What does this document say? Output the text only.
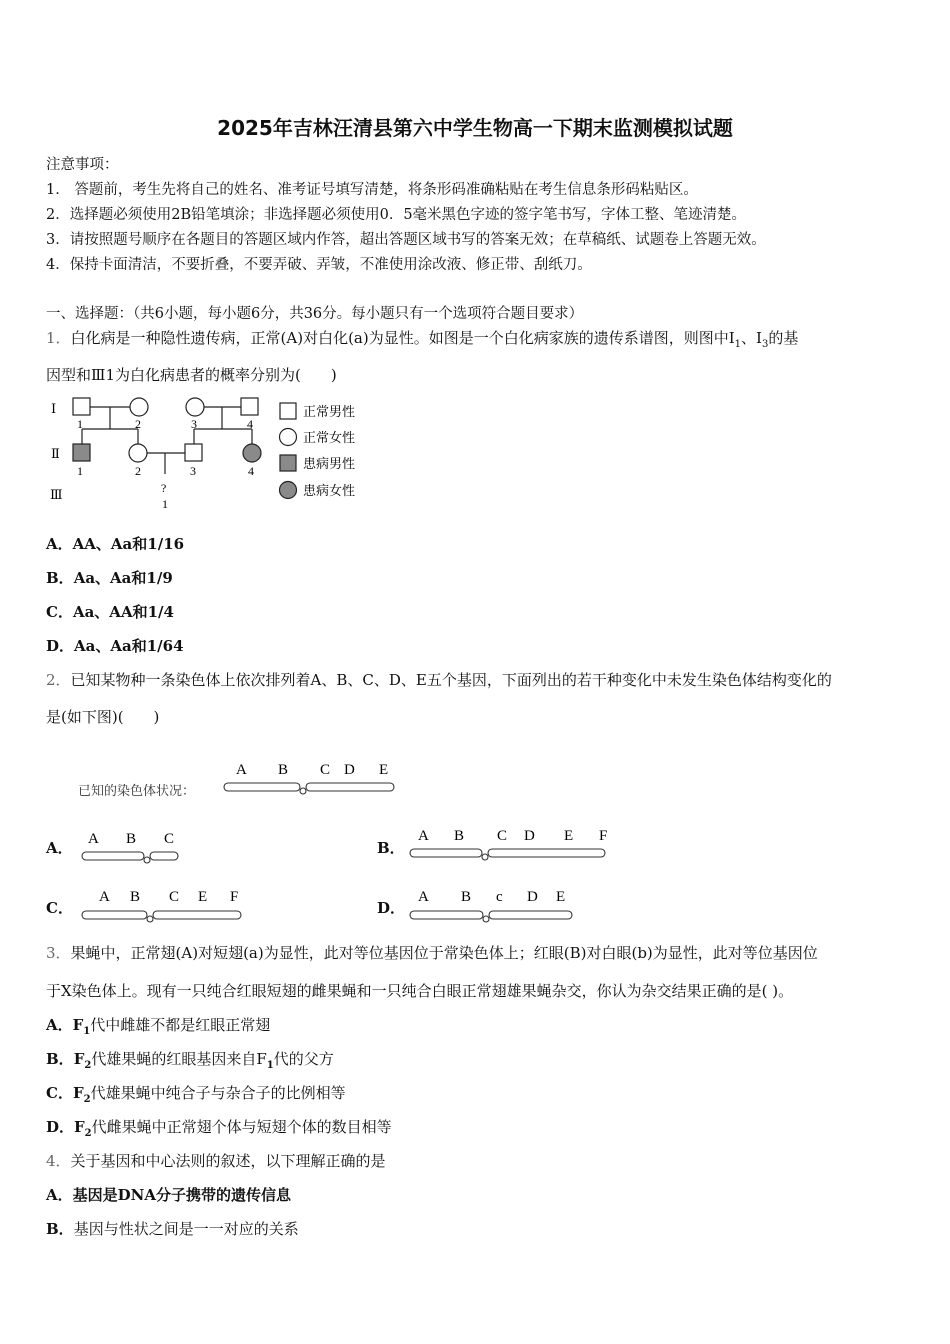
2025年吉林汪清县第六中学生物高一下期末监测模拟试题
注意事项：
1． 答题前，考生先将自己的姓名、准考证号填写清楚，将条形码准确粘贴在考生信息条形码粘贴区。
2．选择题必须使用2B铅笔填涂；非选择题必须使用0．5毫米黑色字迹的签字笔书写，字体工整、笔迹清楚。
3．请按照题号顺序在各题目的答题区域内作答，超出答题区域书写的答案无效；在草稿纸、试题卷上答题无效。
4．保持卡面清洁，不要折叠，不要弄破、弄皱，不准使用涂改液、修正带、刮纸刀。
一、选择题：（共6小题，每小题6分，共36分。每小题只有一个选项符合题目要求）
1．白化病是一种隐性遗传病，正常(A)对白化(a)为显性。如图是一个白化病家族的遗传系谱图，则图中$Ⅰ_1$、$Ⅰ_3$的基
因型和Ⅲ1为白化病患者的概率分别为(　　)
Ⅰ
Ⅱ
Ⅲ
1	2	3	4
1	2	3	4
?
1
正常男性
正常女性
患病男性
患病女性
A．AA、Aa和1/16
B．Aa、Aa和1/9
C．Aa、AA和1/4
D．Aa、Aa和1/64
2．已知某物种一条染色体上依次排列着A、B、C、D、E五个基因，下面列出的若干种变化中未发生染色体结构变化的
是(如下图)(　　)
已知的染色体状况：
A B C D E
A． A B C	B．
A B C D E F
C．
A B C E F
D．
A B c D E
3．果蝇中，正常翅(A)对短翅(a)为显性，此对等位基因位于常染色体上；红眼(B)对白眼(b)为显性，此对等位基因位
于X染色体上。现有一只纯合红眼短翅的雌果蝇和一只纯合白眼正常翅雄果蝇杂交，你认为杂交结果正确的是( )。
A．$F_1$代中雌雄不都是红眼正常翅
B．$F_2$代雄果蝇的红眼基因来自$F_1$代的父方
C．$F_2$代雄果蝇中纯合子与杂合子的比例相等
D．$F_2$代雌果蝇中正常翅个体与短翅个体的数目相等
4．关于基因和中心法则的叙述，以下理解正确的是
A．基因是DNA分子携带的遗传信息
B．基因与性状之间是一一对应的关系
